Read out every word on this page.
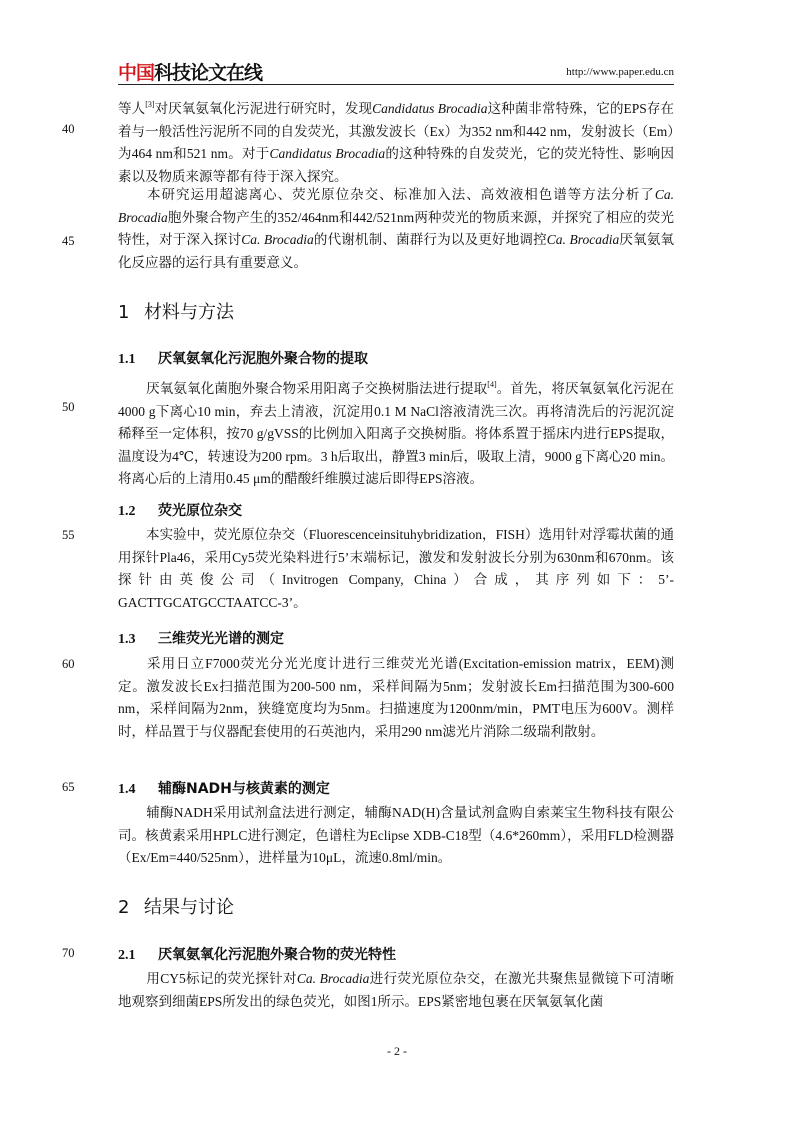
中国科技论文在线	http://www.paper.edu.cn
40
45
50
55
60
65
70

等人[3]对厌氧氨氧化污泥进行研究时，发现Candidatus Brocadia这种菌非常特殊，它的EPS存在着与一般活性污泥所不同的自发荧光，其激发波长（Ex）为352 nm和442 nm，发射波长（Em）为464 nm和521 nm。对于Candidatus Brocadia的这种特殊的自发荧光，它的荧光特性、影响因素以及物质来源等都有待于深入探究。

本研究运用超滤离心、荧光原位杂交、标准加入法、高效液相色谱等方法分析了Ca. Brocadia胞外聚合物产生的352/464nm和442/521nm两种荧光的物质来源，并探究了相应的荧光特性，对于深入探讨Ca. Brocadia的代谢机制、菌群行为以及更好地调控Ca. Brocadia厌氧氨氧化反应器的运行具有重要意义。

1 材料与方法
1.1 厌氧氨氧化污泥胞外聚合物的提取

厌氧氨氧化菌胞外聚合物采用阳离子交换树脂法进行提取[4]。首先，将厌氧氨氧化污泥在4000 g下离心10 min，弃去上清液，沉淀用0.1 M NaCl溶液清洗三次。再将清洗后的污泥沉淀稀释至一定体积，按70 g/gVSS的比例加入阳离子交换树脂。将体系置于摇床内进行EPS提取，温度设为4℃，转速设为200 rpm。3 h后取出，静置3 min后，吸取上清，9000 g下离心20 min。将离心后的上清用0.45 μm的醋酸纤维膜过滤后即得EPS溶液。

1.2 荧光原位杂交

本实验中，荧光原位杂交（Fluorescenceinsituhybridization，FISH）选用针对浮霉状菌的通用探针Pla46，采用Cy5荧光染料进行5’末端标记，激发和发射波长分别为630nm和670nm。该探针由英俊公司（Invitrogen Company, China）合成，其序列如下：5’-GACTTGCATGCCTAATCC-3’。

1.3 三维荧光光谱的测定

采用日立F7000荧光分光光度计进行三维荧光光谱(Excitation-emission matrix，EEM)测定。激发波长Ex扫描范围为200-500 nm，采样间隔为5nm；发射波长Em扫描范围为300-600 nm，采样间隔为2nm，狭缝宽度均为5nm。扫描速度为1200nm/min，PMT电压为600V。测样时，样品置于与仪器配套使用的石英池内，采用290 nm滤光片消除二级瑞利散射。

1.4 辅酶NADH与核黄素的测定

辅酶NADH采用试剂盒法进行测定，辅酶NAD(H)含量试剂盒购自索莱宝生物科技有限公司。核黄素采用HPLC进行测定，色谱柱为Eclipse XDB-C18型（4.6*260mm），采用FLD检测器（Ex/Em=440/525nm），进样量为10μL，流速0.8ml/min。

2 结果与讨论
2.1 厌氧氨氧化污泥胞外聚合物的荧光特性

用CY5标记的荧光探针对Ca. Brocadia进行荧光原位杂交，在激光共聚焦显微镜下可清晰地观察到细菌EPS所发出的绿色荧光，如图1所示。EPS紧密地包裹在厌氧氨氧化菌

- 2 -
